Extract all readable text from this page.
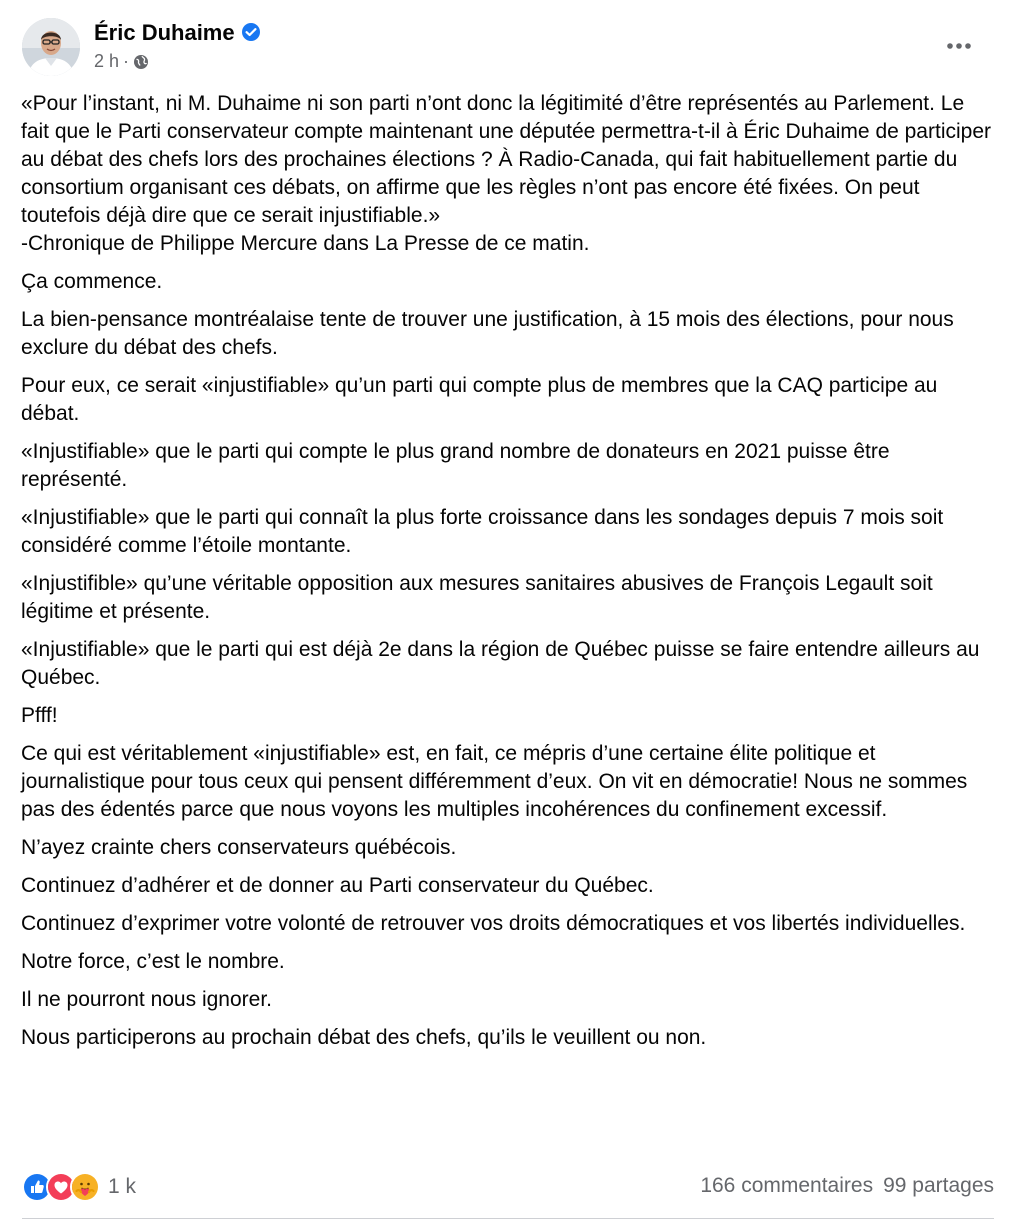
Éric Duhaime
2 h ·

«Pour l’instant, ni M. Duhaime ni son parti n’ont donc la légitimité d’être représentés au Parlement. Le fait que le Parti conservateur compte maintenant une députée permettra-t-il à Éric Duhaime de participer au débat des chefs lors des prochaines élections ? À Radio-Canada, qui fait habituellement partie du consortium organisant ces débats, on affirme que les règles n’ont pas encore été fixées. On peut toutefois déjà dire que ce serait injustifiable.»

-Chronique de Philippe Mercure dans La Presse de ce matin.

Ça commence.

La bien-pensance montréalaise tente de trouver une justification, à 15 mois des élections, pour nous exclure du débat des chefs.

Pour eux, ce serait «injustifiable» qu’un parti qui compte plus de membres que la CAQ participe au débat.

«Injustifiable» que le parti qui compte le plus grand nombre de donateurs en 2021 puisse être représenté.

«Injustifiable» que le parti qui connaît la plus forte croissance dans les sondages depuis 7 mois soit considéré comme l’étoile montante.

«Injustifible» qu’une véritable opposition aux mesures sanitaires abusives de François Legault soit légitime et présente.

«Injustifiable» que le parti qui est déjà 2e dans la région de Québec puisse se faire entendre ailleurs au Québec.

Pfff!

Ce qui est véritablement «injustifiable» est, en fait, ce mépris d’une certaine élite politique et journalistique pour tous ceux qui pensent différemment d’eux. On vit en démocratie! Nous ne sommes pas des édentés parce que nous voyons les multiples incohérences du confinement excessif.

N’ayez crainte chers conservateurs québécois.

Continuez d’adhérer et de donner au Parti conservateur du Québec.

Continuez d’exprimer votre volonté de retrouver vos droits démocratiques et vos libertés individuelles.

Notre force, c’est le nombre.

Il ne pourront nous ignorer.

Nous participerons au prochain débat des chefs, qu’ils le veuillent ou non.

1 k	166 commentaires 99 partages
